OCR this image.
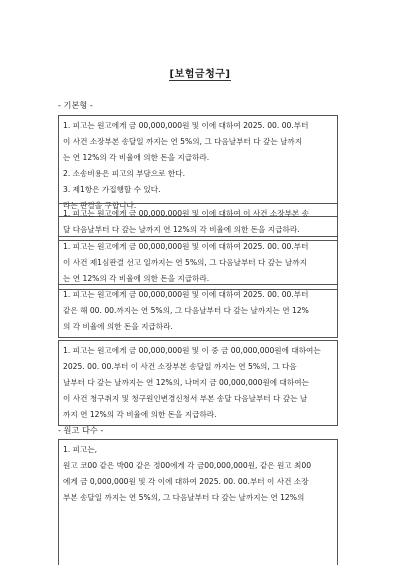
[보험금청구]
- 기본형 -

1. 피고는 원고에게 금 00,000,000원 및 이에 대하여 2025. 00. 00.부터

이 사건 소장부본 송달일 까지는 연 5%의, 그 다음날부터 다 갚는 날까지

는 연 12%의 각 비율에 의한 돈을 지급하라.

2. 소송비용은 피고의 부담으로 한다.

3. 제1항은 가집행할 수 있다.

라는 판결을 구합니다.

1. 피고는 원고에게 금 00,000,000원 및 이에 대하여 이 사건 소장부본 송

달 다음날부터 다 갚는 날까지 연 12%의 각 비율에 의한 돈을 지급하라.

1. 피고는 원고에게 금 00,000,000원 및 이에 대하여 2025. 00. 00.부터

이 사건 제1심판결 선고 일까지는 연 5%의, 그 다음날부터 다 갚는 날까지

는 연 12%의 각 비율에 의한 돈을 지급하라.

1. 피고는 원고에게 금 00,000,000원 및 이에 대하여 2025. 00. 00.부터

같은 해 00. 00.까지는 연 5%의, 그 다음날부터 다 갚는 날까지는 연 12%

의 각 비율에 의한 돈을 지급하라.

1. 피고는 원고에게 금 00,000,000원 및 이 중 금 00,000,000원에 대하여는

2025. 00. 00.부터 이 사건 소장부본 송달일 까지는 연 5%의, 그 다음

날부터 다 갚는 날까지는 연 12%의, 나머지 금 00,000,000원에 대하여는

이 사건 청구취지 및 청구원인변경신청서 부본 송달 다음날부터 다 갚는 날

까지 연 12%의 각 비율에 의한 돈을 지급하라.

- 원고 다수 -

1. 피고는,

원고 코00 같은 박00 같은 정00에게 각 금00,000,000원, 같은 원고 최00

에게 금 0,000,000원 및 각 이에 대하여 2025. 00. 00.부터 이 사건 소장

부본 송달일 까지는 연 5%의, 그 다음날부터 다 갚는 날까지는 연 12%의
